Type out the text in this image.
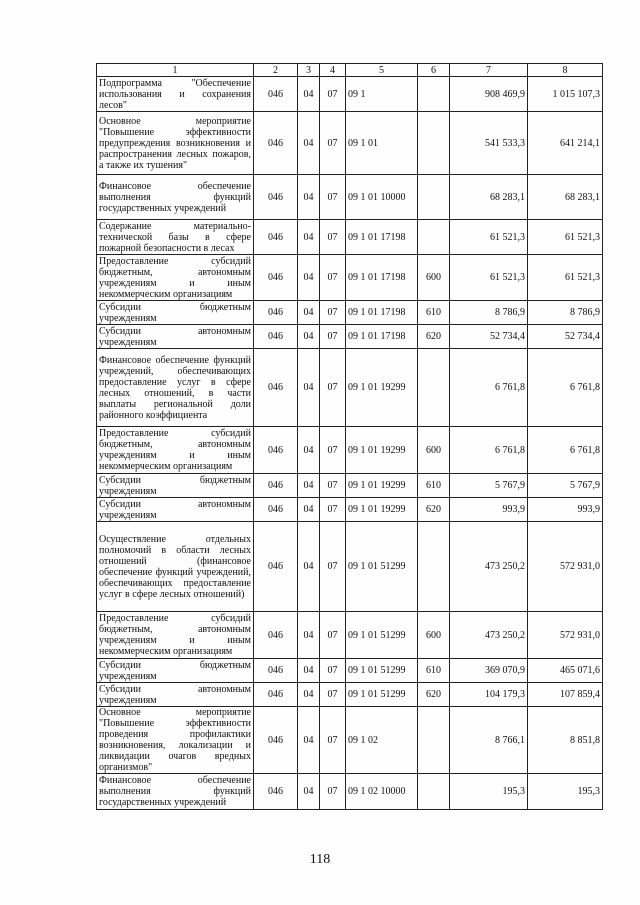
1	2	3	4	5	6	7	8
Подпрограмма "Обеспечение использования и сохранения лесов"	046	04	07	09 1		908 469,9	1 015 107,3
Основное мероприятие "Повышение эффективности предупреждения возникновения и распространения лесных пожаров, а также их тушения"	046	04	07	09 1 01		541 533,3	641 214,1
Финансовое обеспечение выполнения функций государственных учреждений	046	04	07	09 1 01 10000		68 283,1	68 283,1
Содержание материально-технической базы в сфере пожарной безопасности в лесах	046	04	07	09 1 01 17198		61 521,3	61 521,3
Предоставление субсидий бюджетным, автономным учреждениям и иным некоммерческим организациям	046	04	07	09 1 01 17198	600	61 521,3	61 521,3
Субсидии бюджетным учреждениям	046	04	07	09 1 01 17198	610	8 786,9	8 786,9
Субсидии автономным учреждениям	046	04	07	09 1 01 17198	620	52 734,4	52 734,4
Финансовое обеспечение функций учреждений, обеспечивающих предоставление услуг в сфере лесных отношений, в части выплаты региональной доли районного коэффициента	046	04	07	09 1 01 19299		6 761,8	6 761,8
Предоставление субсидий бюджетным, автономным учреждениям и иным некоммерческим организациям	046	04	07	09 1 01 19299	600	6 761,8	6 761,8
Субсидии бюджетным учреждениям	046	04	07	09 1 01 19299	610	5 767,9	5 767,9
Субсидии автономным учреждениям	046	04	07	09 1 01 19299	620	993,9	993,9
Осуществление отдельных полномочий в области лесных отношений (финансовое обеспечение функций учреждений, обеспечивающих предоставление услуг в сфере лесных отношений)	046	04	07	09 1 01 51299		473 250,2	572 931,0
Предоставление субсидий бюджетным, автономным учреждениям и иным некоммерческим организациям	046	04	07	09 1 01 51299	600	473 250,2	572 931,0
Субсидии бюджетным учреждениям	046	04	07	09 1 01 51299	610	369 070,9	465 071,6
Субсидии автономным учреждениям	046	04	07	09 1 01 51299	620	104 179,3	107 859,4
Основное мероприятие "Повышение эффективности проведения профилактики возникновения, локализации и ликвидации очагов вредных организмов"	046	04	07	09 1 02		8 766,1	8 851,8
Финансовое обеспечение выполнения функций государственных учреждений	046	04	07	09 1 02 10000		195,3	195,3
118
